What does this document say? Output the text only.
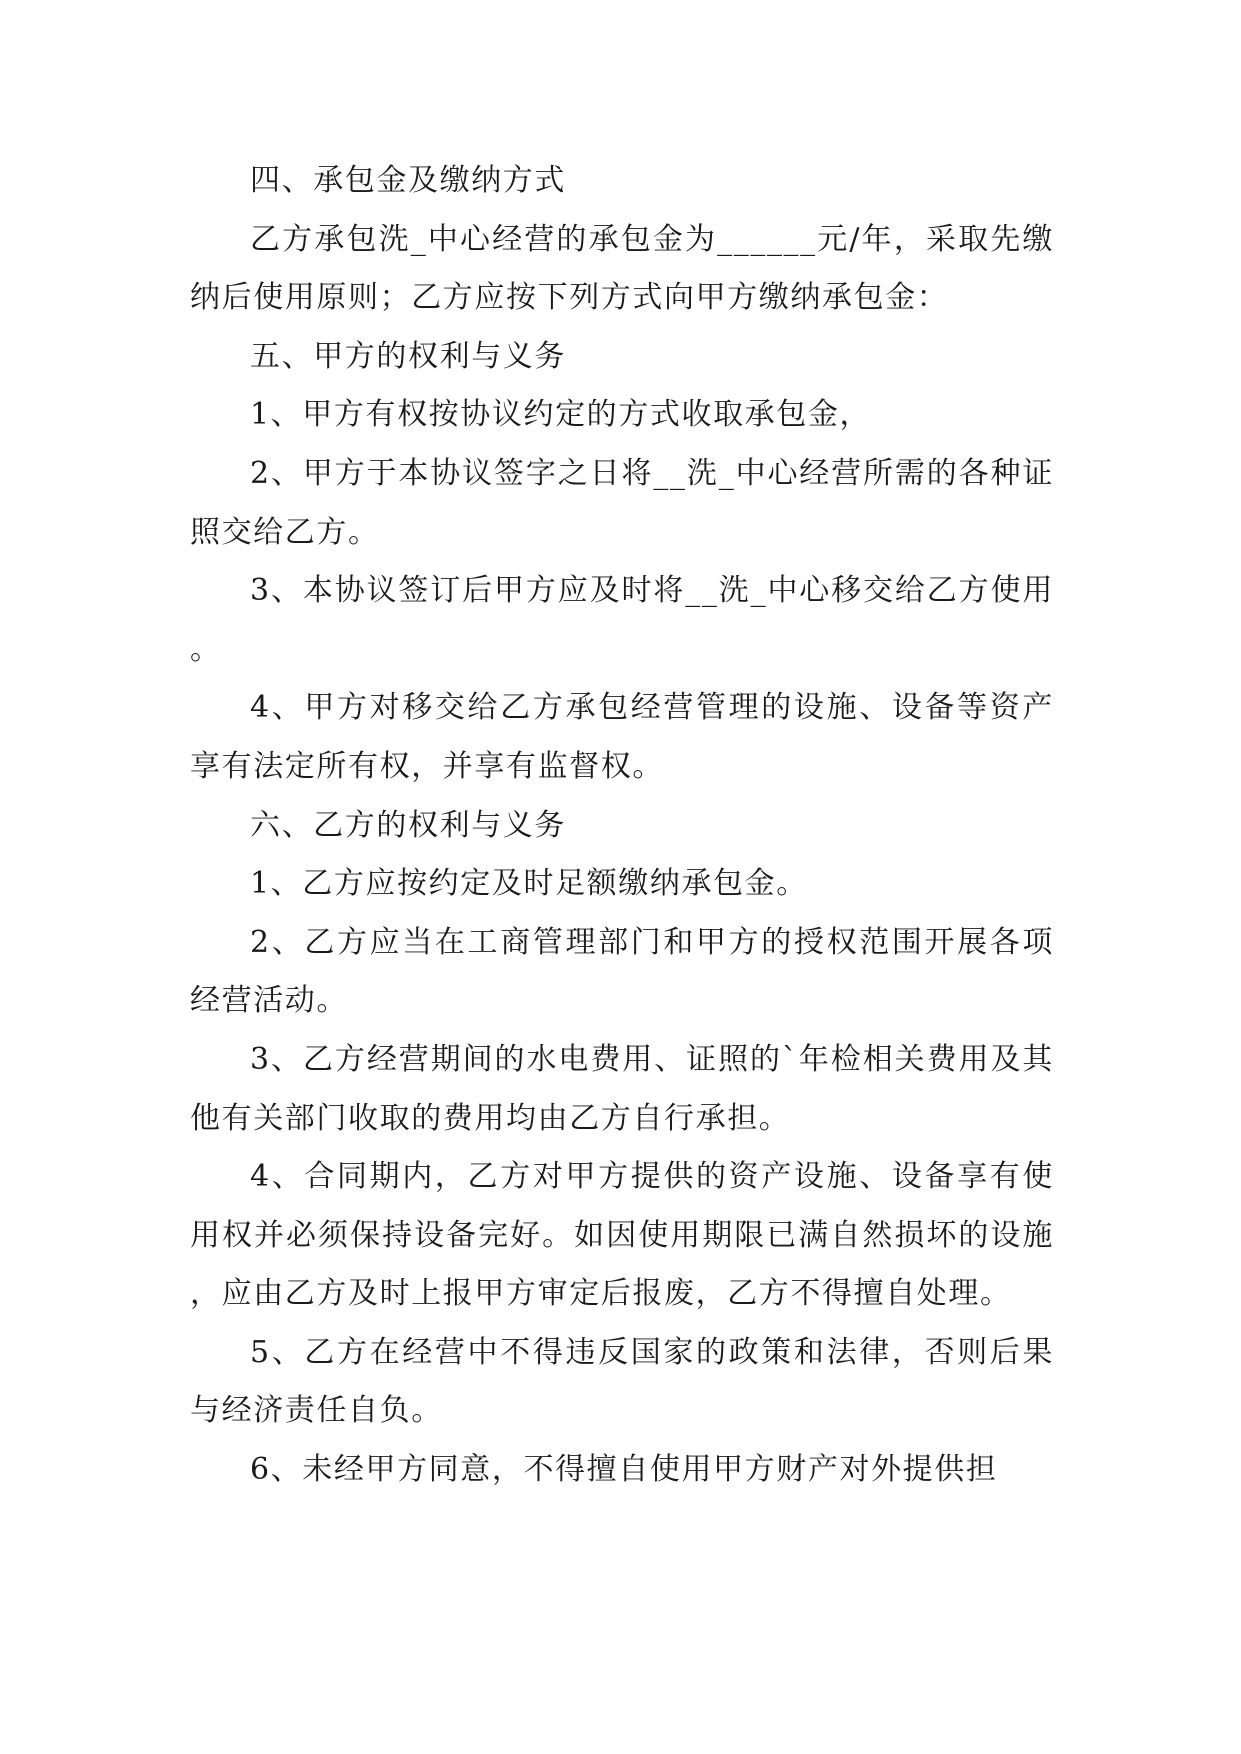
四、承包金及缴纳方式

乙方承包洗_中心经营的承包金为______元/年，采取先缴纳后使用原则；乙方应按下列方式向甲方缴纳承包金：

五、甲方的权利与义务

1、甲方有权按协议约定的方式收取承包金，

2、甲方于本协议签字之日将__洗_中心经营所需的各种证照交给乙方。

3、本协议签订后甲方应及时将__洗_中心移交给乙方使用。

4、甲方对移交给乙方承包经营管理的设施、设备等资产享有法定所有权，并享有监督权。

六、乙方的权利与义务

1、乙方应按约定及时足额缴纳承包金。

2、乙方应当在工商管理部门和甲方的授权范围开展各项经营活动。

3、乙方经营期间的水电费用、证照的`年检相关费用及其他有关部门收取的费用均由乙方自行承担。

4、合同期内，乙方对甲方提供的资产设施、设备享有使用权并必须保持设备完好。如因使用期限已满自然损坏的设施，应由乙方及时上报甲方审定后报废，乙方不得擅自处理。

5、乙方在经营中不得违反国家的政策和法律，否则后果与经济责任自负。

6、未经甲方同意，不得擅自使用甲方财产对外提供担
